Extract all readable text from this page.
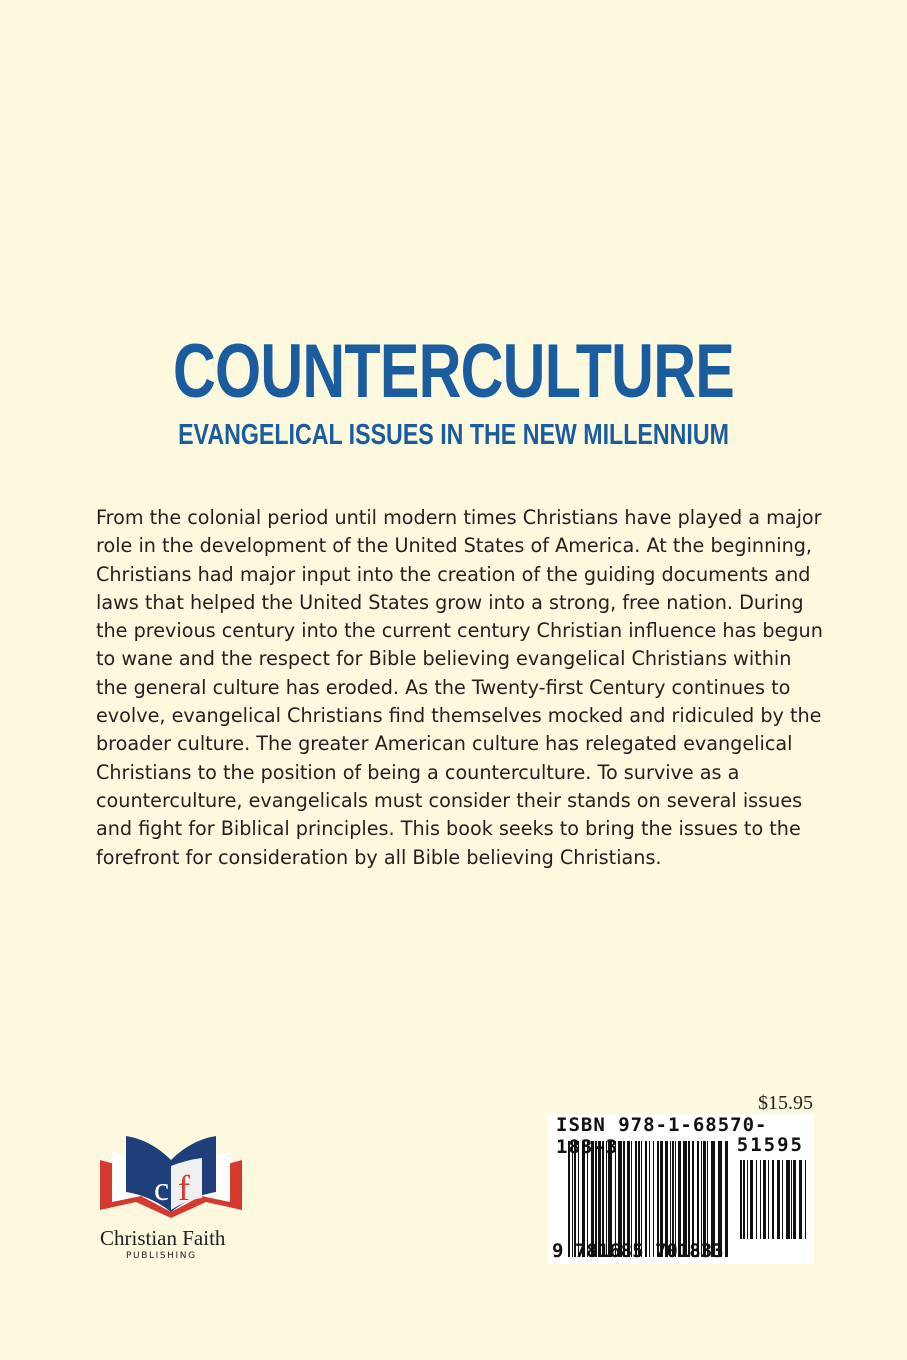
COUNTERCULTURE
EVANGELICAL ISSUES IN THE NEW MILLENNIUM
From the colonial period until modern times Christians have played a major
role in the development of the United States of America. At the beginning,
Christians had major input into the creation of the guiding documents and
laws that helped the United States grow into a strong, free nation. During
the previous century into the current century Christian influence has begun
to wane and the respect for Bible believing evangelical Christians within
the general culture has eroded. As the Twenty-first Century continues to
evolve, evangelical Christians find themselves mocked and ridiculed by the
broader culture. The greater American culture has relegated evangelical
Christians to the position of being a counterculture. To survive as a
counterculture, evangelicals must consider their stands on several issues
and fight for Biblical principles. This book seeks to bring the issues to the
forefront for consideration by all Bible believing Christians.
$15.95
ISBN 978-1-68570-183-3	51595
9 781685 701833
c f
Christian Faith
PUBLISHING
